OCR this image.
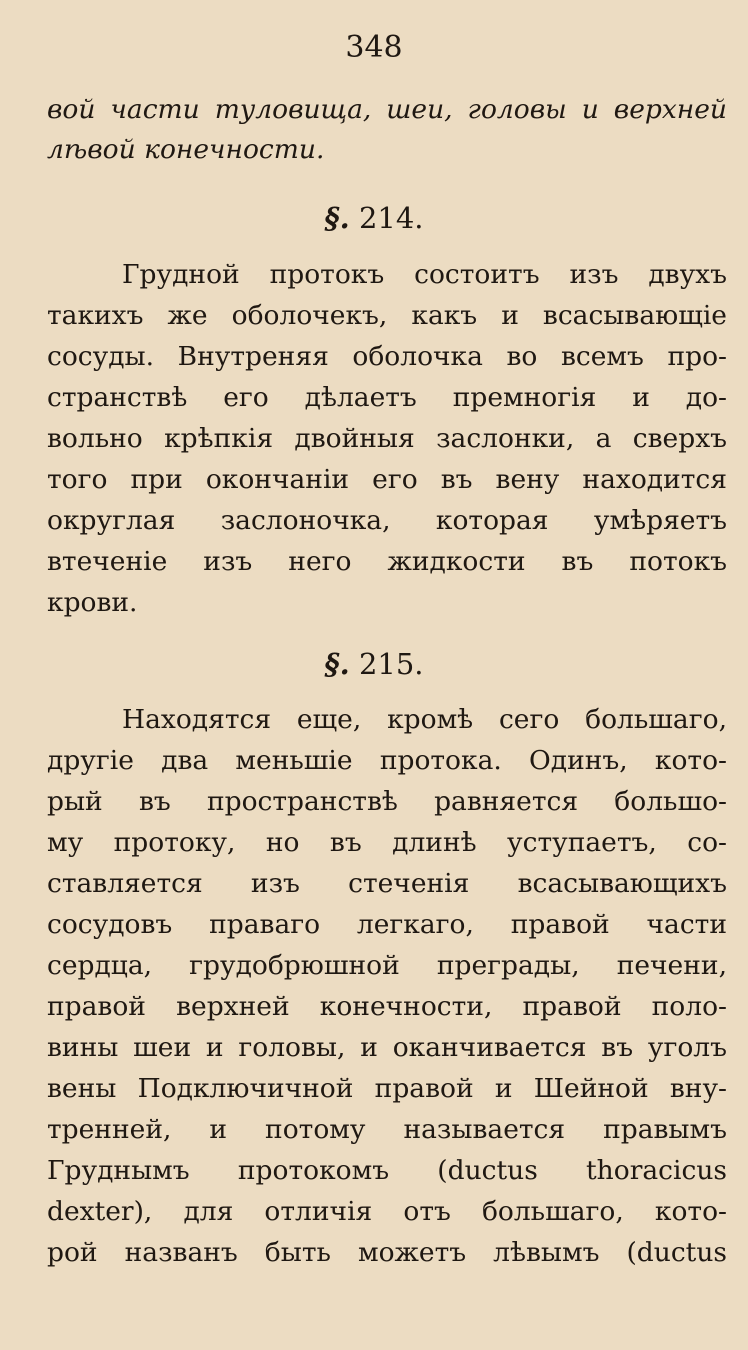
348
вой части туловища, шеи, головы и верхней
лѣвой конечности.
§. 214.
Грудной протокъ состоитъ изъ двухъ
такихъ же оболочекъ, какъ и всасывающіе
сосуды. Внутреняя оболочка во всемъ про-
странствѣ его дѣлаетъ премногія и до-
вольно крѣпкія двойныя заслонки, а сверхъ
того при окончаніи его въ вену находится
округлая заслоночка, которая умѣряетъ
втеченіе изъ него жидкости въ потокъ
крови.
§. 215.
Находятся еще, кромѣ сего большаго,
другіе два меньшіе протока. Одинъ, кото-
рый въ пространствѣ равняется большо-
му протоку, но въ длинѣ уступаетъ, со-
ставляется изъ стеченія всасывающихъ
сосудовъ праваго легкаго, правой части
сердца, грудобрюшной преграды, печени,
правой верхней конечности, правой поло-
вины шеи и головы, и оканчивается въ уголъ
вены Подключичной правой и Шейной вну-
тренней, и потому называется правымъ
Груднымъ протокомъ (ductus thoracicus
dexter), для отличія отъ большаго, кото-
рой названъ быть можетъ лѣвымъ (ductus
